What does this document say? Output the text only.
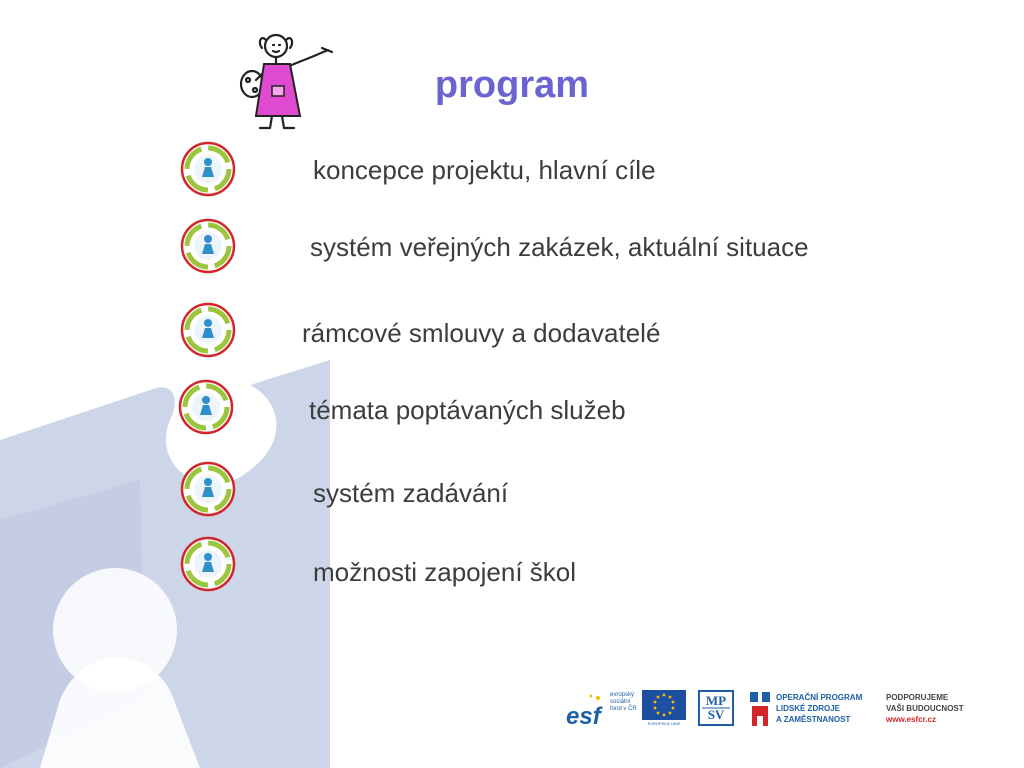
program
koncepce projektu, hlavní cíle
systém veřejných zakázek, aktuální situace
rámcové smlouvy a dodavatelé
témata poptávaných služeb
systém zadávání
možnosti zapojení škol
esf
evropský
sociální
fond v ČR
EVROPSKÁ UNIE
MP
SV
OPERAČNÍ PROGRAM
LIDSKÉ ZDROJE
A ZAMĚSTNANOST
PODPORUJEME
VAŠI BUDOUCNOST
www.esfcr.cz
